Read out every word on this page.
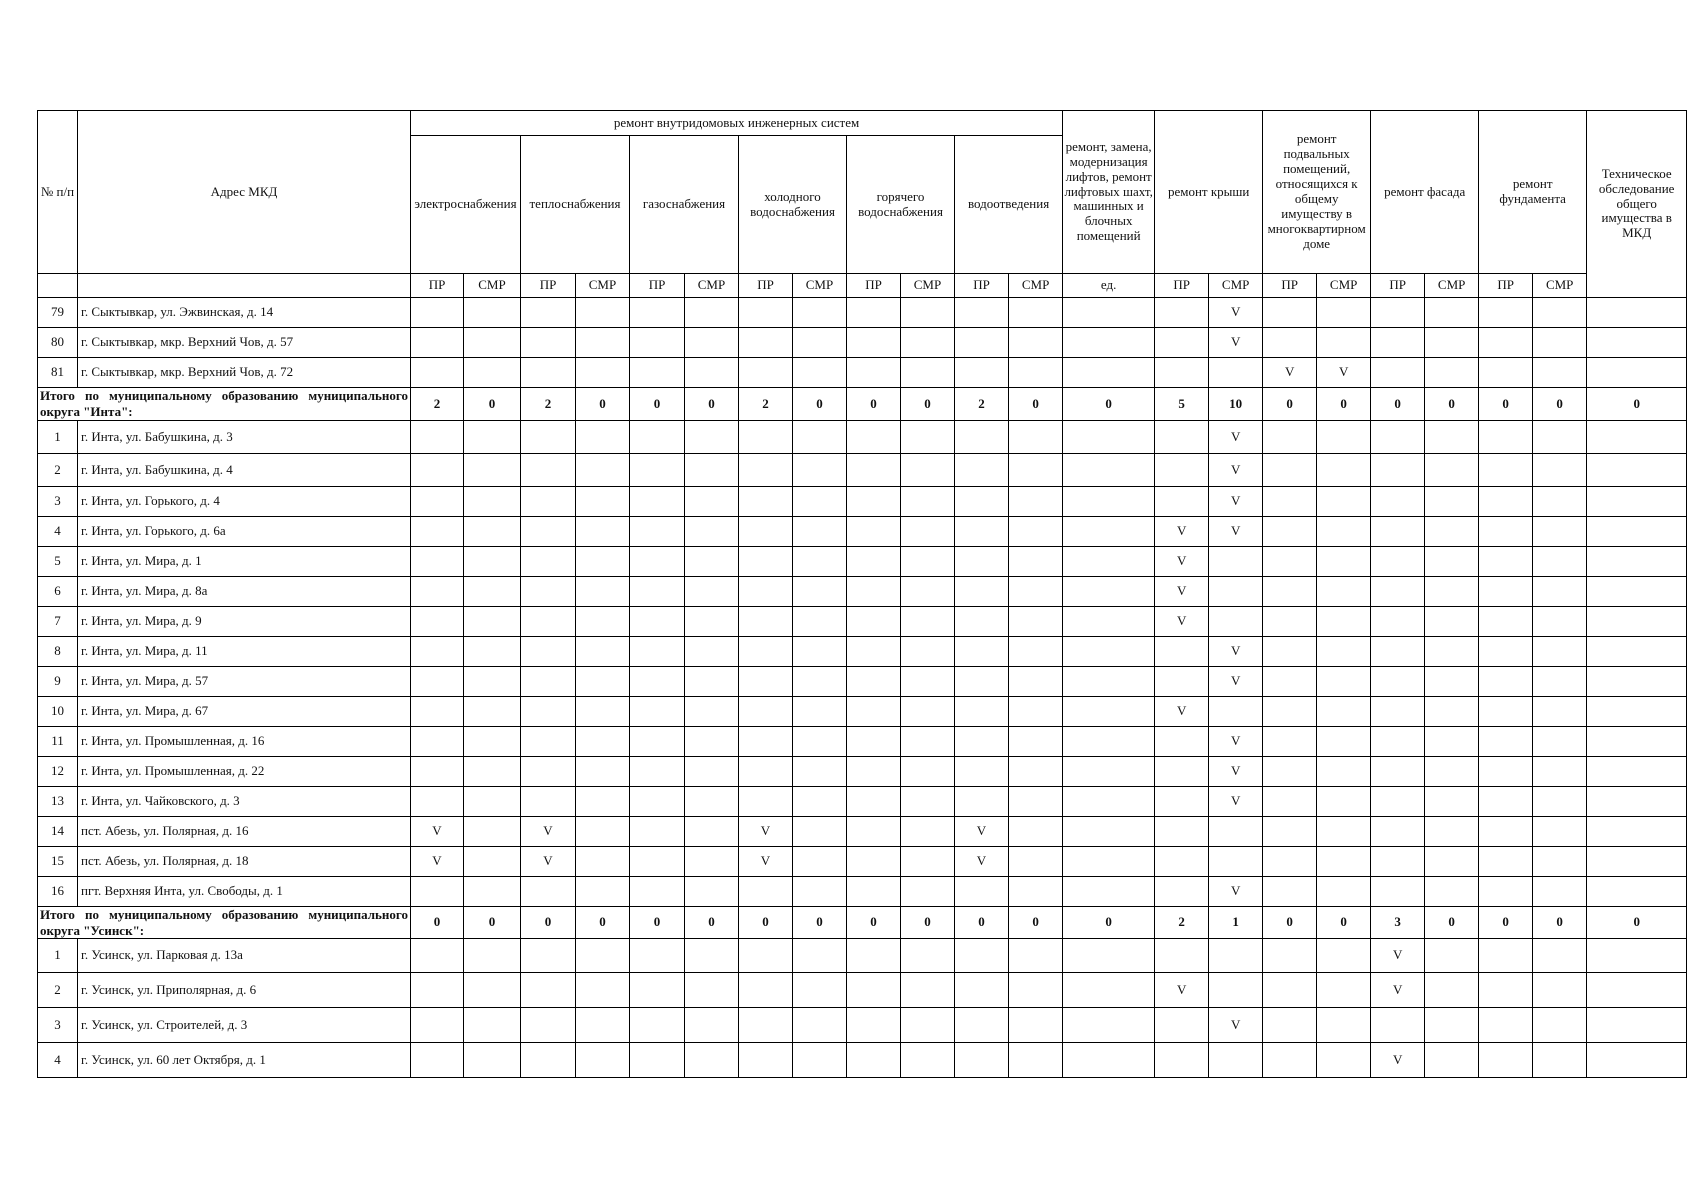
№ п/п	Адрес МКД	ремонт внутридомовых инженерных систем												ремонт, замена, модернизация лифтов, ремонт лифтовых шахт, машинных и блочных помещений	ремонт крыши		ремонт подвальных помещений, относящихся к общему имуществу в многоквартирном доме		ремонт фасада		ремонт фундамента		Техническое обследование общего имущества в МКД
		электроснабжения		теплоснабжения		газоснабжения		холодного водоснабжения		горячего водоснабжения		водоотведения											
		ПР	СМР	ПР	СМР	ПР	СМР	ПР	СМР	ПР	СМР	ПР	СМР	ед.	ПР	СМР	ПР	СМР	ПР	СМР	ПР	СМР	
79	г. Сыктывкар, ул. Эжвинская, д. 14															V							
80	г. Сыктывкар, мкр. Верхний Чов, д. 57															V							
81	г. Сыктывкар, мкр. Верхний Чов, д. 72																V	V					
Итого по муниципальному образованию муниципального округа "Инта":		2	0	2	0	0	0	2	0	0	0	2	0	0	5	10	0	0	0	0	0	0	0
1	г. Инта, ул. Бабушкина, д. 3															V							
2	г. Инта, ул. Бабушкина, д. 4															V							
3	г. Инта, ул. Горького, д. 4															V							
4	г. Инта, ул. Горького, д. 6а														V	V							
5	г. Инта, ул. Мира, д. 1														V								
6	г. Инта, ул. Мира, д. 8а														V								
7	г. Инта, ул. Мира, д. 9														V								
8	г. Инта, ул. Мира, д. 11															V							
9	г. Инта, ул. Мира, д. 57															V							
10	г. Инта, ул. Мира, д. 67														V								
11	г. Инта, ул. Промышленная, д. 16															V							
12	г. Инта, ул. Промышленная, д. 22															V							
13	г. Инта, ул. Чайковского, д. 3															V							
14	пст. Абезь, ул. Полярная, д. 16	V		V				V				V											
15	пст. Абезь, ул. Полярная, д. 18	V		V				V				V											
16	пгт. Верхняя Инта, ул. Свободы, д. 1															V							
Итого по муниципальному образованию муниципального округа "Усинск":		0	0	0	0	0	0	0	0	0	0	0	0	0	2	1	0	0	3	0	0	0	0
1	г. Усинск, ул. Парковая д. 13а																		V				
2	г. Усинск, ул. Приполярная, д. 6														V				V				
3	г. Усинск, ул. Строителей, д. 3															V							
4	г. Усинск, ул. 60 лет Октября, д. 1																		V				
